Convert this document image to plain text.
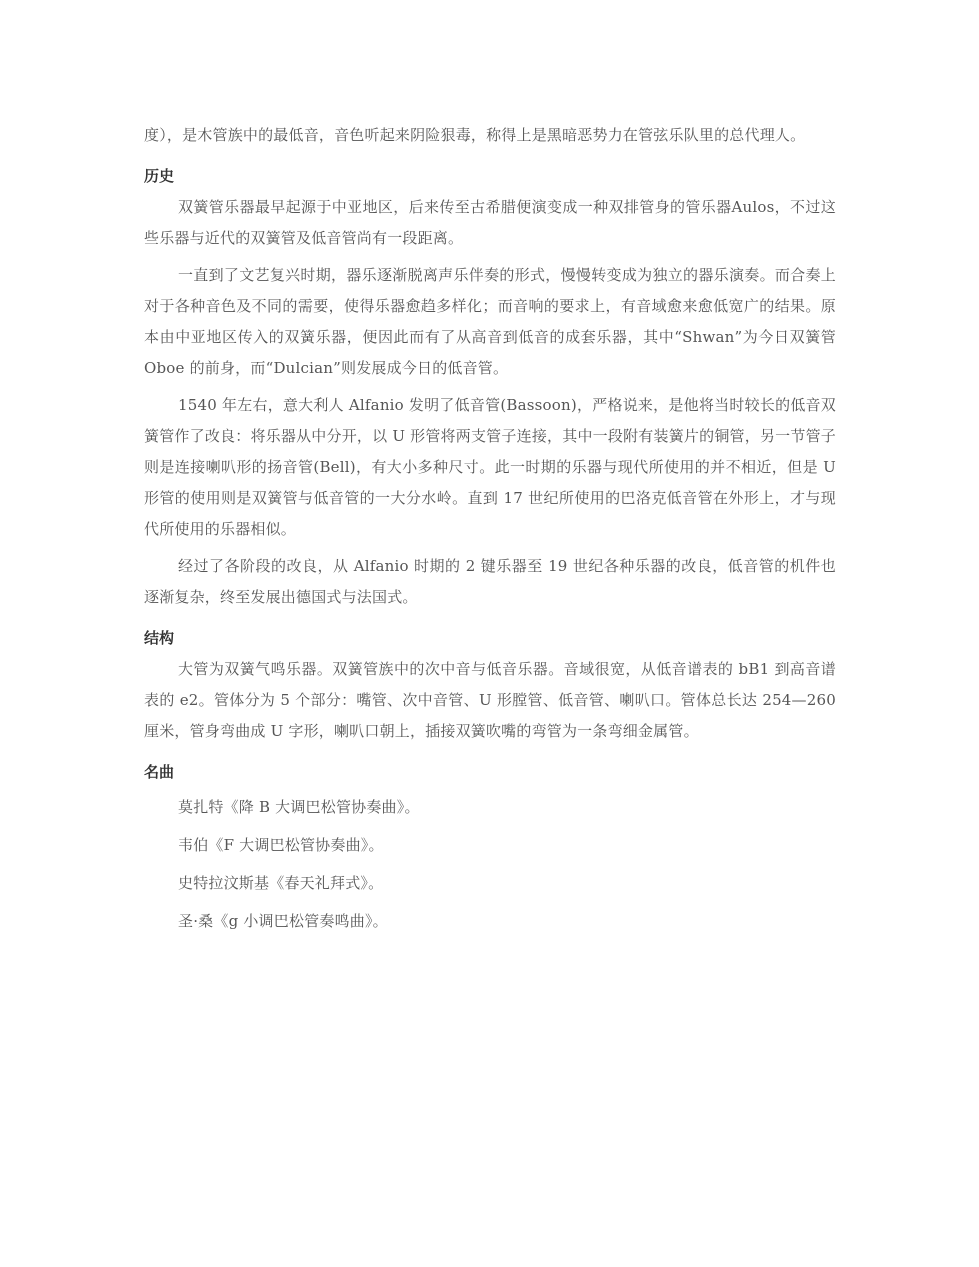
度），是木管族中的最低音，音色听起来阴险狠毒，称得上是黑暗恶势力在管弦乐队里的总代理人。

历史

双簧管乐器最早起源于中亚地区，后来传至古希腊便演变成一种双排管身的管乐器Aulos，不过这些乐器与近代的双簧管及低音管尚有一段距离。

一直到了文艺复兴时期，器乐逐渐脱离声乐伴奏的形式，慢慢转变成为独立的器乐演奏。而合奏上对于各种音色及不同的需要，使得乐器愈趋多样化；而音响的要求上，有音域愈来愈低宽广的结果。原本由中亚地区传入的双簧乐器，便因此而有了从高音到低音的成套乐器，其中“Shwan”为今日双簧管 Oboe 的前身，而“Dulcian”则发展成今日的低音管。

1540 年左右，意大利人 Alfanio 发明了低音管(Bassoon)，严格说来，是他将当时较长的低音双簧管作了改良：将乐器从中分开，以 U 形管将两支管子连接，其中一段附有装簧片的铜管，另一节管子则是连接喇叭形的扬音管(Bell)，有大小多种尺寸。此一时期的乐器与现代所使用的并不相近，但是 U 形管的使用则是双簧管与低音管的一大分水岭。直到 17 世纪所使用的巴洛克低音管在外形上，才与现代所使用的乐器相似。

经过了各阶段的改良，从 Alfanio 时期的 2 键乐器至 19 世纪各种乐器的改良，低音管的机件也逐渐复杂，终至发展出德国式与法国式。

结构

大管为双簧气鸣乐器。双簧管族中的次中音与低音乐器。音域很宽，从低音谱表的 bB1 到高音谱表的 e2。管体分为 5 个部分：嘴管、次中音管、U 形膛管、低音管、喇叭口。管体总长达 254—260 厘米，管身弯曲成 U 字形，喇叭口朝上，插接双簧吹嘴的弯管为一条弯细金属管。

名曲

莫扎特《降 B 大调巴松管协奏曲》。

韦伯《F 大调巴松管协奏曲》。

史特拉汶斯基《春天礼拜式》。

圣·桑《g 小调巴松管奏鸣曲》。
